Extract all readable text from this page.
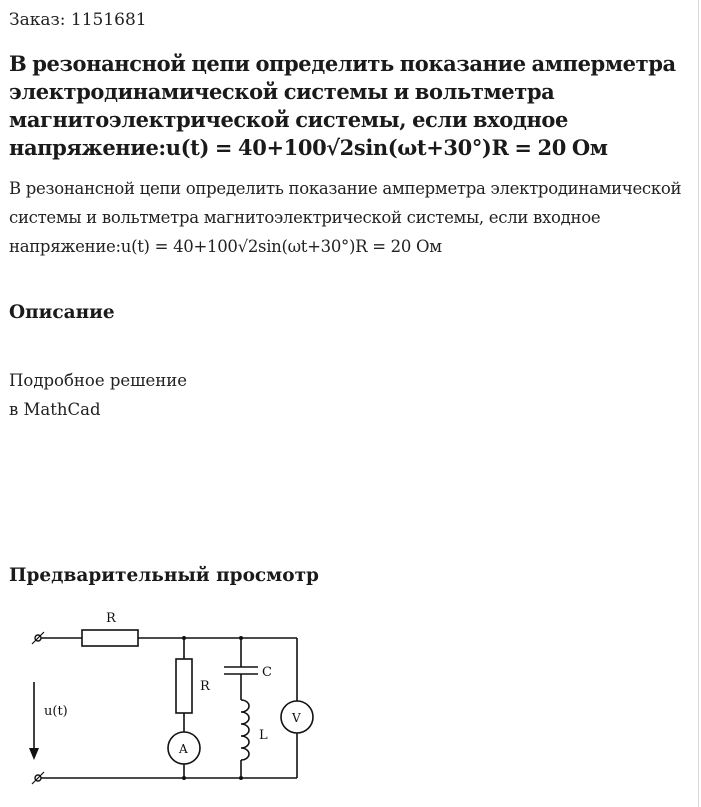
Заказ: 1151681
В резонансной цепи определить показание амперметра электродинамической системы и вольтметра магнитоэлектрической системы, если входное напряжение:u(t) = 40+100√2sin(ωt+30°)R = 20 Ом
В резонансной цепи определить показание амперметра электродинамической системы и вольтметра магнитоэлектрической системы, если входное напряжение:u(t) = 40+100√2sin(ωt+30°)R = 20 Ом
Описание
Подробное решение
в MathCad
Предварительный просмотр
R
R
C
L
A
V
u(t)
